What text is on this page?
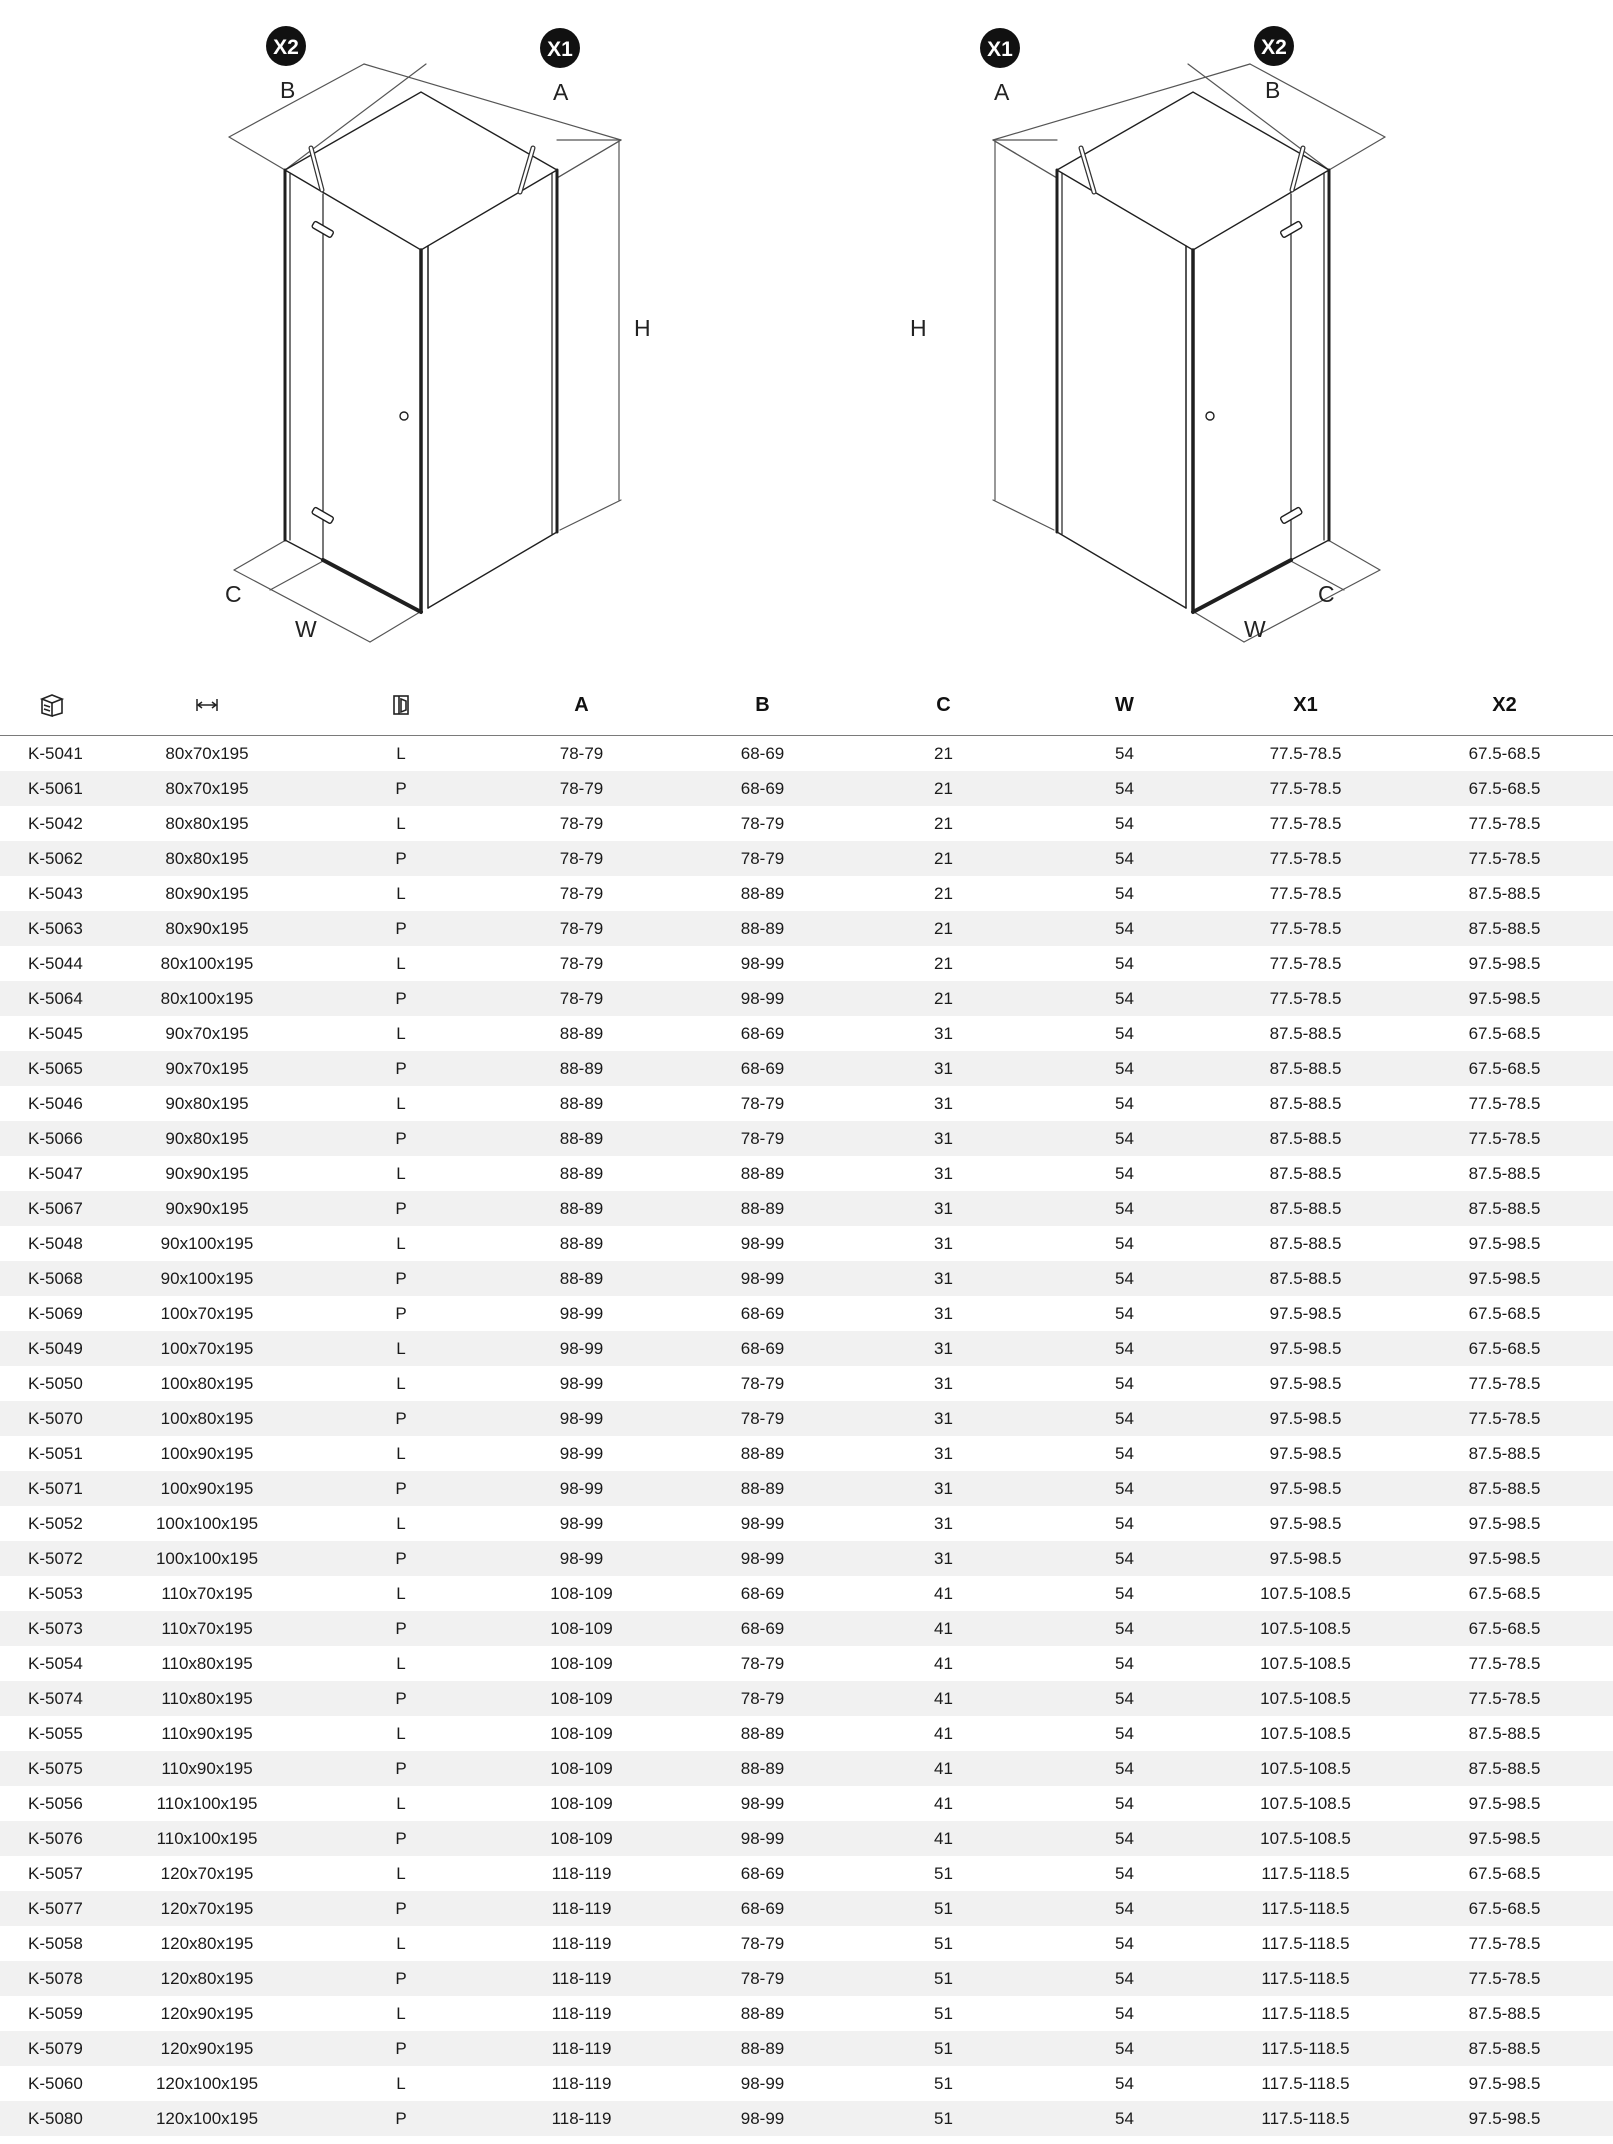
X2	X1
B	A
H
C
W
X1	X2
A	B
H
C
W
			A	B	C	W	X1	X2
K-5041	80x70x195	L	78-79	68-69	21	54	77.5-78.5	67.5-68.5
K-5061	80x70x195	P	78-79	68-69	21	54	77.5-78.5	67.5-68.5
K-5042	80x80x195	L	78-79	78-79	21	54	77.5-78.5	77.5-78.5
K-5062	80x80x195	P	78-79	78-79	21	54	77.5-78.5	77.5-78.5
K-5043	80x90x195	L	78-79	88-89	21	54	77.5-78.5	87.5-88.5
K-5063	80x90x195	P	78-79	88-89	21	54	77.5-78.5	87.5-88.5
K-5044	80x100x195	L	78-79	98-99	21	54	77.5-78.5	97.5-98.5
K-5064	80x100x195	P	78-79	98-99	21	54	77.5-78.5	97.5-98.5
K-5045	90x70x195	L	88-89	68-69	31	54	87.5-88.5	67.5-68.5
K-5065	90x70x195	P	88-89	68-69	31	54	87.5-88.5	67.5-68.5
K-5046	90x80x195	L	88-89	78-79	31	54	87.5-88.5	77.5-78.5
K-5066	90x80x195	P	88-89	78-79	31	54	87.5-88.5	77.5-78.5
K-5047	90x90x195	L	88-89	88-89	31	54	87.5-88.5	87.5-88.5
K-5067	90x90x195	P	88-89	88-89	31	54	87.5-88.5	87.5-88.5
K-5048	90x100x195	L	88-89	98-99	31	54	87.5-88.5	97.5-98.5
K-5068	90x100x195	P	88-89	98-99	31	54	87.5-88.5	97.5-98.5
K-5069	100x70x195	P	98-99	68-69	31	54	97.5-98.5	67.5-68.5
K-5049	100x70x195	L	98-99	68-69	31	54	97.5-98.5	67.5-68.5
K-5050	100x80x195	L	98-99	78-79	31	54	97.5-98.5	77.5-78.5
K-5070	100x80x195	P	98-99	78-79	31	54	97.5-98.5	77.5-78.5
K-5051	100x90x195	L	98-99	88-89	31	54	97.5-98.5	87.5-88.5
K-5071	100x90x195	P	98-99	88-89	31	54	97.5-98.5	87.5-88.5
K-5052	100x100x195	L	98-99	98-99	31	54	97.5-98.5	97.5-98.5
K-5072	100x100x195	P	98-99	98-99	31	54	97.5-98.5	97.5-98.5
K-5053	110x70x195	L	108-109	68-69	41	54	107.5-108.5	67.5-68.5
K-5073	110x70x195	P	108-109	68-69	41	54	107.5-108.5	67.5-68.5
K-5054	110x80x195	L	108-109	78-79	41	54	107.5-108.5	77.5-78.5
K-5074	110x80x195	P	108-109	78-79	41	54	107.5-108.5	77.5-78.5
K-5055	110x90x195	L	108-109	88-89	41	54	107.5-108.5	87.5-88.5
K-5075	110x90x195	P	108-109	88-89	41	54	107.5-108.5	87.5-88.5
K-5056	110x100x195	L	108-109	98-99	41	54	107.5-108.5	97.5-98.5
K-5076	110x100x195	P	108-109	98-99	41	54	107.5-108.5	97.5-98.5
K-5057	120x70x195	L	118-119	68-69	51	54	117.5-118.5	67.5-68.5
K-5077	120x70x195	P	118-119	68-69	51	54	117.5-118.5	67.5-68.5
K-5058	120x80x195	L	118-119	78-79	51	54	117.5-118.5	77.5-78.5
K-5078	120x80x195	P	118-119	78-79	51	54	117.5-118.5	77.5-78.5
K-5059	120x90x195	L	118-119	88-89	51	54	117.5-118.5	87.5-88.5
K-5079	120x90x195	P	118-119	88-89	51	54	117.5-118.5	87.5-88.5
K-5060	120x100x195	L	118-119	98-99	51	54	117.5-118.5	97.5-98.5
K-5080	120x100x195	P	118-119	98-99	51	54	117.5-118.5	97.5-98.5
